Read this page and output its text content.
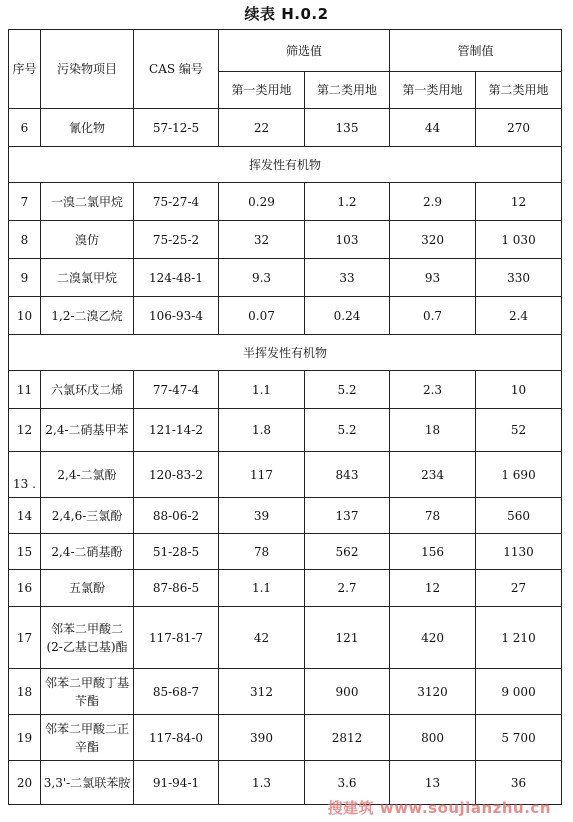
续表 H.0.2
序号	污染物项目	CAS 编号	筛选值		管制值	
			第一类用地	第二类用地	第一类用地	第二类用地
6	氰化物	57-12-5	22	135	44	270
挥发性有机物						
7	一溴二氯甲烷	75-27-4	0.29	1.2	2.9	12
8	溴仿	75-25-2	32	103	320	1 030
9	二溴氯甲烷	124-48-1	9.3	33	93	330
10	1,2-二溴乙烷	106-93-4	0.07	0.24	0.7	2.4
半挥发性有机物						
11	六氯环戊二烯	77-47-4	1.1	5.2	2.3	10
12	2,4-二硝基甲苯	121-14-2	1.8	5.2	18	52
13 .	2,4-二氯酚	120-83-2	117	843	234	1 690
14	2,4,6-三氯酚	88-06-2	39	137	78	560
15	2,4-二硝基酚	51-28-5	78	562	156	1130
16	五氯酚	87-86-5	1.1	2.7	12	27
17	邻苯二甲酸二(2-乙基已基)酯	117-81-7	42	121	420	1 210
18	邻苯二甲酸丁基苄酯	85-68-7	312	900	3120	9 000
19	邻苯二甲酸二正辛酯	117-84-0	390	2812	800	5 700
20	3,3'-二氯联苯胺	91-94-1	1.3	3.6	13	36
搜建筑 www.soujianzhu.cn
